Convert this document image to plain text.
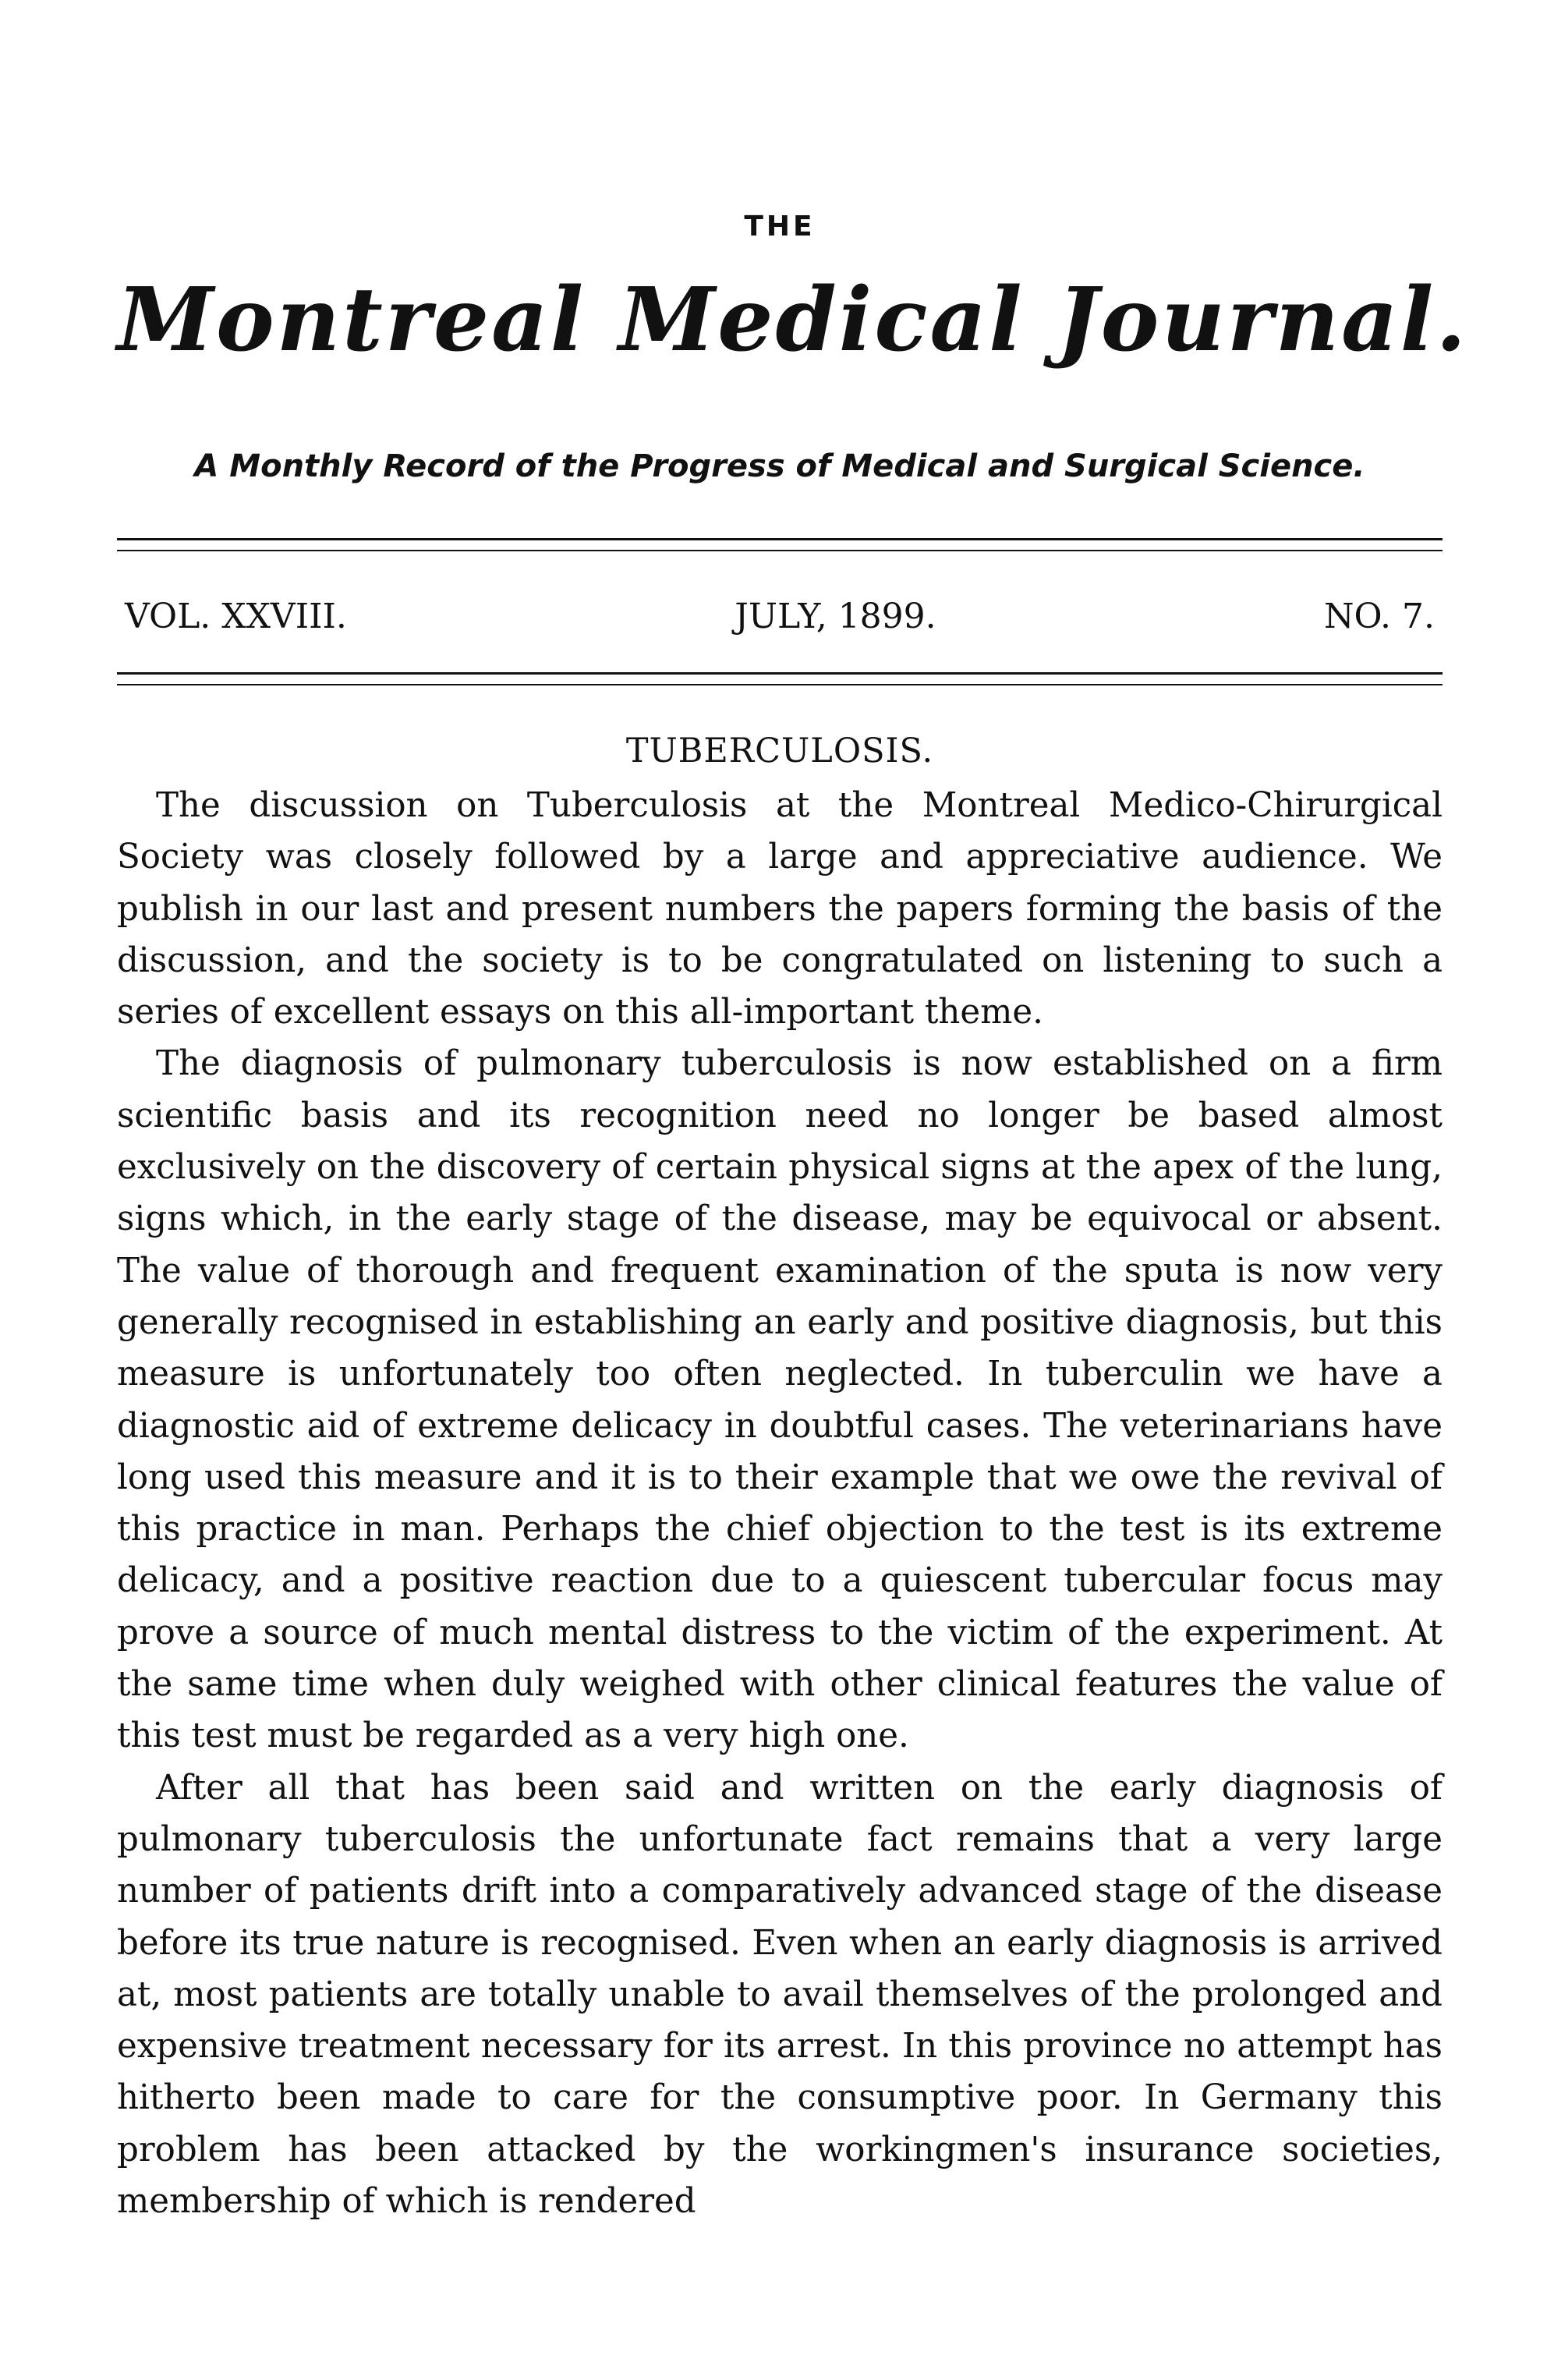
THE
Montreal Medical Journal.
A Monthly Record of the Progress of Medical and Surgical Science.
VOL. XXVIII.	JULY, 1899.	NO. 7.
TUBERCULOSIS.

The discussion on Tuberculosis at the Montreal Medico-Chirurgical Society was closely followed by a large and appreciative audience. We publish in our last and present numbers the papers forming the basis of the discussion, and the society is to be congratulated on listening to such a series of excellent essays on this all-important theme.

The diagnosis of pulmonary tuberculosis is now established on a firm scientific basis and its recognition need no longer be based almost exclusively on the discovery of certain physical signs at the apex of the lung, signs which, in the early stage of the disease, may be equivocal or absent. The value of thorough and frequent examination of the sputa is now very generally recognised in establishing an early and positive diagnosis, but this measure is unfortunately too often neglected. In tuberculin we have a diagnostic aid of extreme delicacy in doubtful cases. The veterinarians have long used this measure and it is to their example that we owe the revival of this practice in man. Perhaps the chief objection to the test is its extreme delicacy, and a positive reaction due to a quiescent tubercular focus may prove a source of much mental distress to the victim of the experiment. At the same time when duly weighed with other clinical features the value of this test must be regarded as a very high one.

After all that has been said and written on the early diagnosis of pulmonary tuberculosis the unfortunate fact remains that a very large number of patients drift into a comparatively advanced stage of the disease before its true nature is recognised. Even when an early diagnosis is arrived at, most patients are totally unable to avail themselves of the prolonged and expensive treatment necessary for its arrest. In this province no attempt has hitherto been made to care for the consumptive poor. In Germany this problem has been attacked by the workingmen's insurance societies, membership of which is rendered
